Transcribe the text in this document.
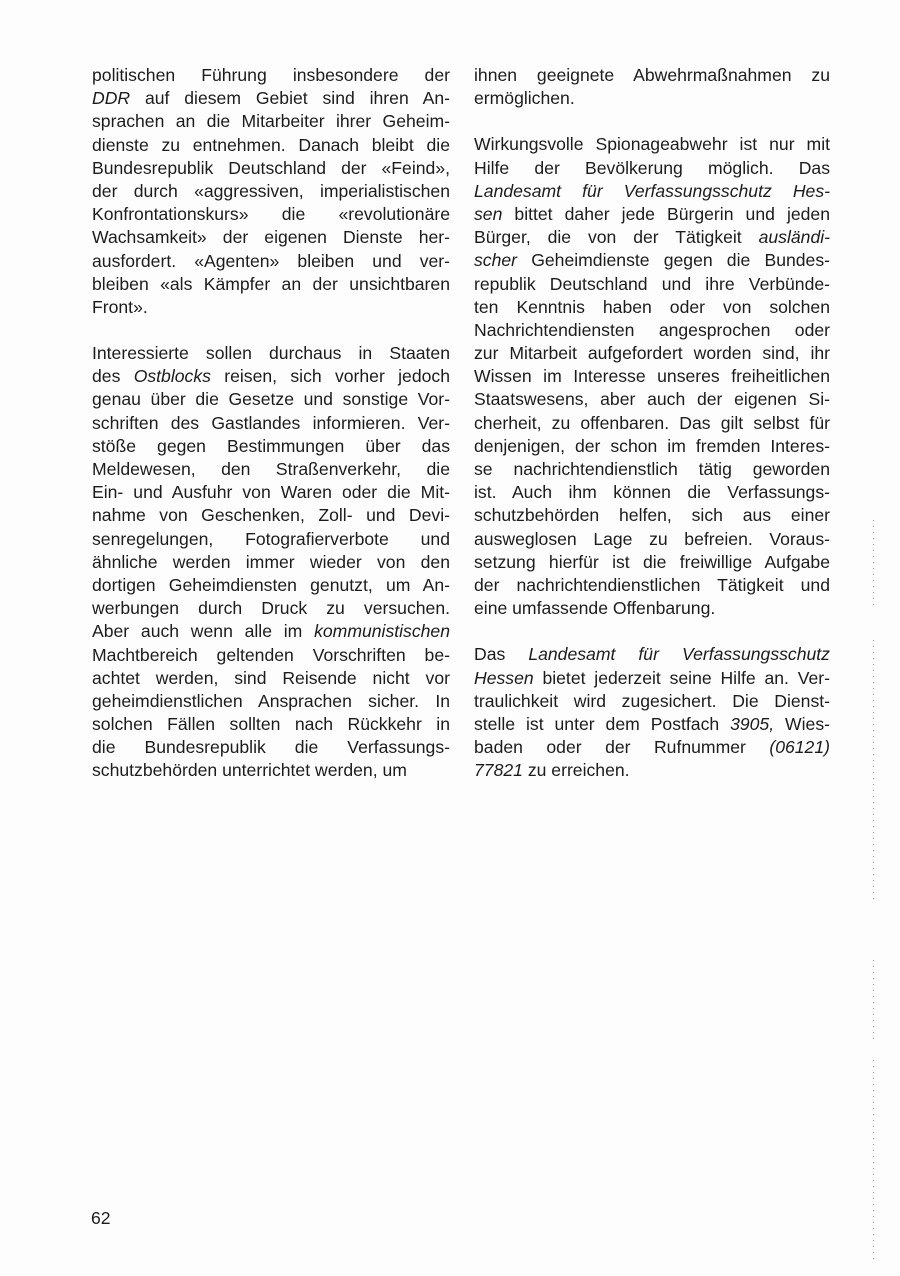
politischen Führung insbesondere der
DDR auf diesem Gebiet sind ihren An-
sprachen an die Mitarbeiter ihrer Geheim-
dienste zu entnehmen. Danach bleibt die
Bundesrepublik Deutschland der «Feind»,
der durch «aggressiven, imperialistischen
Konfrontationskurs» die «revolutionäre
Wachsamkeit» der eigenen Dienste her-
ausfordert. «Agenten» bleiben und ver-
bleiben «als Kämpfer an der unsichtbaren
Front».
Interessierte sollen durchaus in Staaten
des Ostblocks reisen, sich vorher jedoch
genau über die Gesetze und sonstige Vor-
schriften des Gastlandes informieren. Ver-
stöße gegen Bestimmungen über das
Meldewesen, den Straßenverkehr, die
Ein- und Ausfuhr von Waren oder die Mit-
nahme von Geschenken, Zoll- und Devi-
senregelungen, Fotografierverbote und
ähnliche werden immer wieder von den
dortigen Geheimdiensten genutzt, um An-
werbungen durch Druck zu versuchen.
Aber auch wenn alle im kommunistischen
Machtbereich geltenden Vorschriften be-
achtet werden, sind Reisende nicht vor
geheimdienstlichen Ansprachen sicher. In
solchen Fällen sollten nach Rückkehr in
die Bundesrepublik die Verfassungs-
schutzbehörden unterrichtet werden, um
ihnen geeignete Abwehrmaßnahmen zu
ermöglichen.
Wirkungsvolle Spionageabwehr ist nur mit
Hilfe der Bevölkerung möglich. Das
Landesamt für Verfassungsschutz Hes-
sen bittet daher jede Bürgerin und jeden
Bürger, die von der Tätigkeit ausländi-
scher Geheimdienste gegen die Bundes-
republik Deutschland und ihre Verbünde-
ten Kenntnis haben oder von solchen
Nachrichtendiensten angesprochen oder
zur Mitarbeit aufgefordert worden sind, ihr
Wissen im Interesse unseres freiheitlichen
Staatswesens, aber auch der eigenen Si-
cherheit, zu offenbaren. Das gilt selbst für
denjenigen, der schon im fremden Interes-
se nachrichtendienstlich tätig geworden
ist. Auch ihm können die Verfassungs-
schutzbehörden helfen, sich aus einer
ausweglosen Lage zu befreien. Voraus-
setzung hierfür ist die freiwillige Aufgabe
der nachrichtendienstlichen Tätigkeit und
eine umfassende Offenbarung.
Das Landesamt für Verfassungsschutz
Hessen bietet jederzeit seine Hilfe an. Ver-
traulichkeit wird zugesichert. Die Dienst-
stelle ist unter dem Postfach 3905, Wies-
baden oder der Rufnummer (06121)
77821 zu erreichen.
62
